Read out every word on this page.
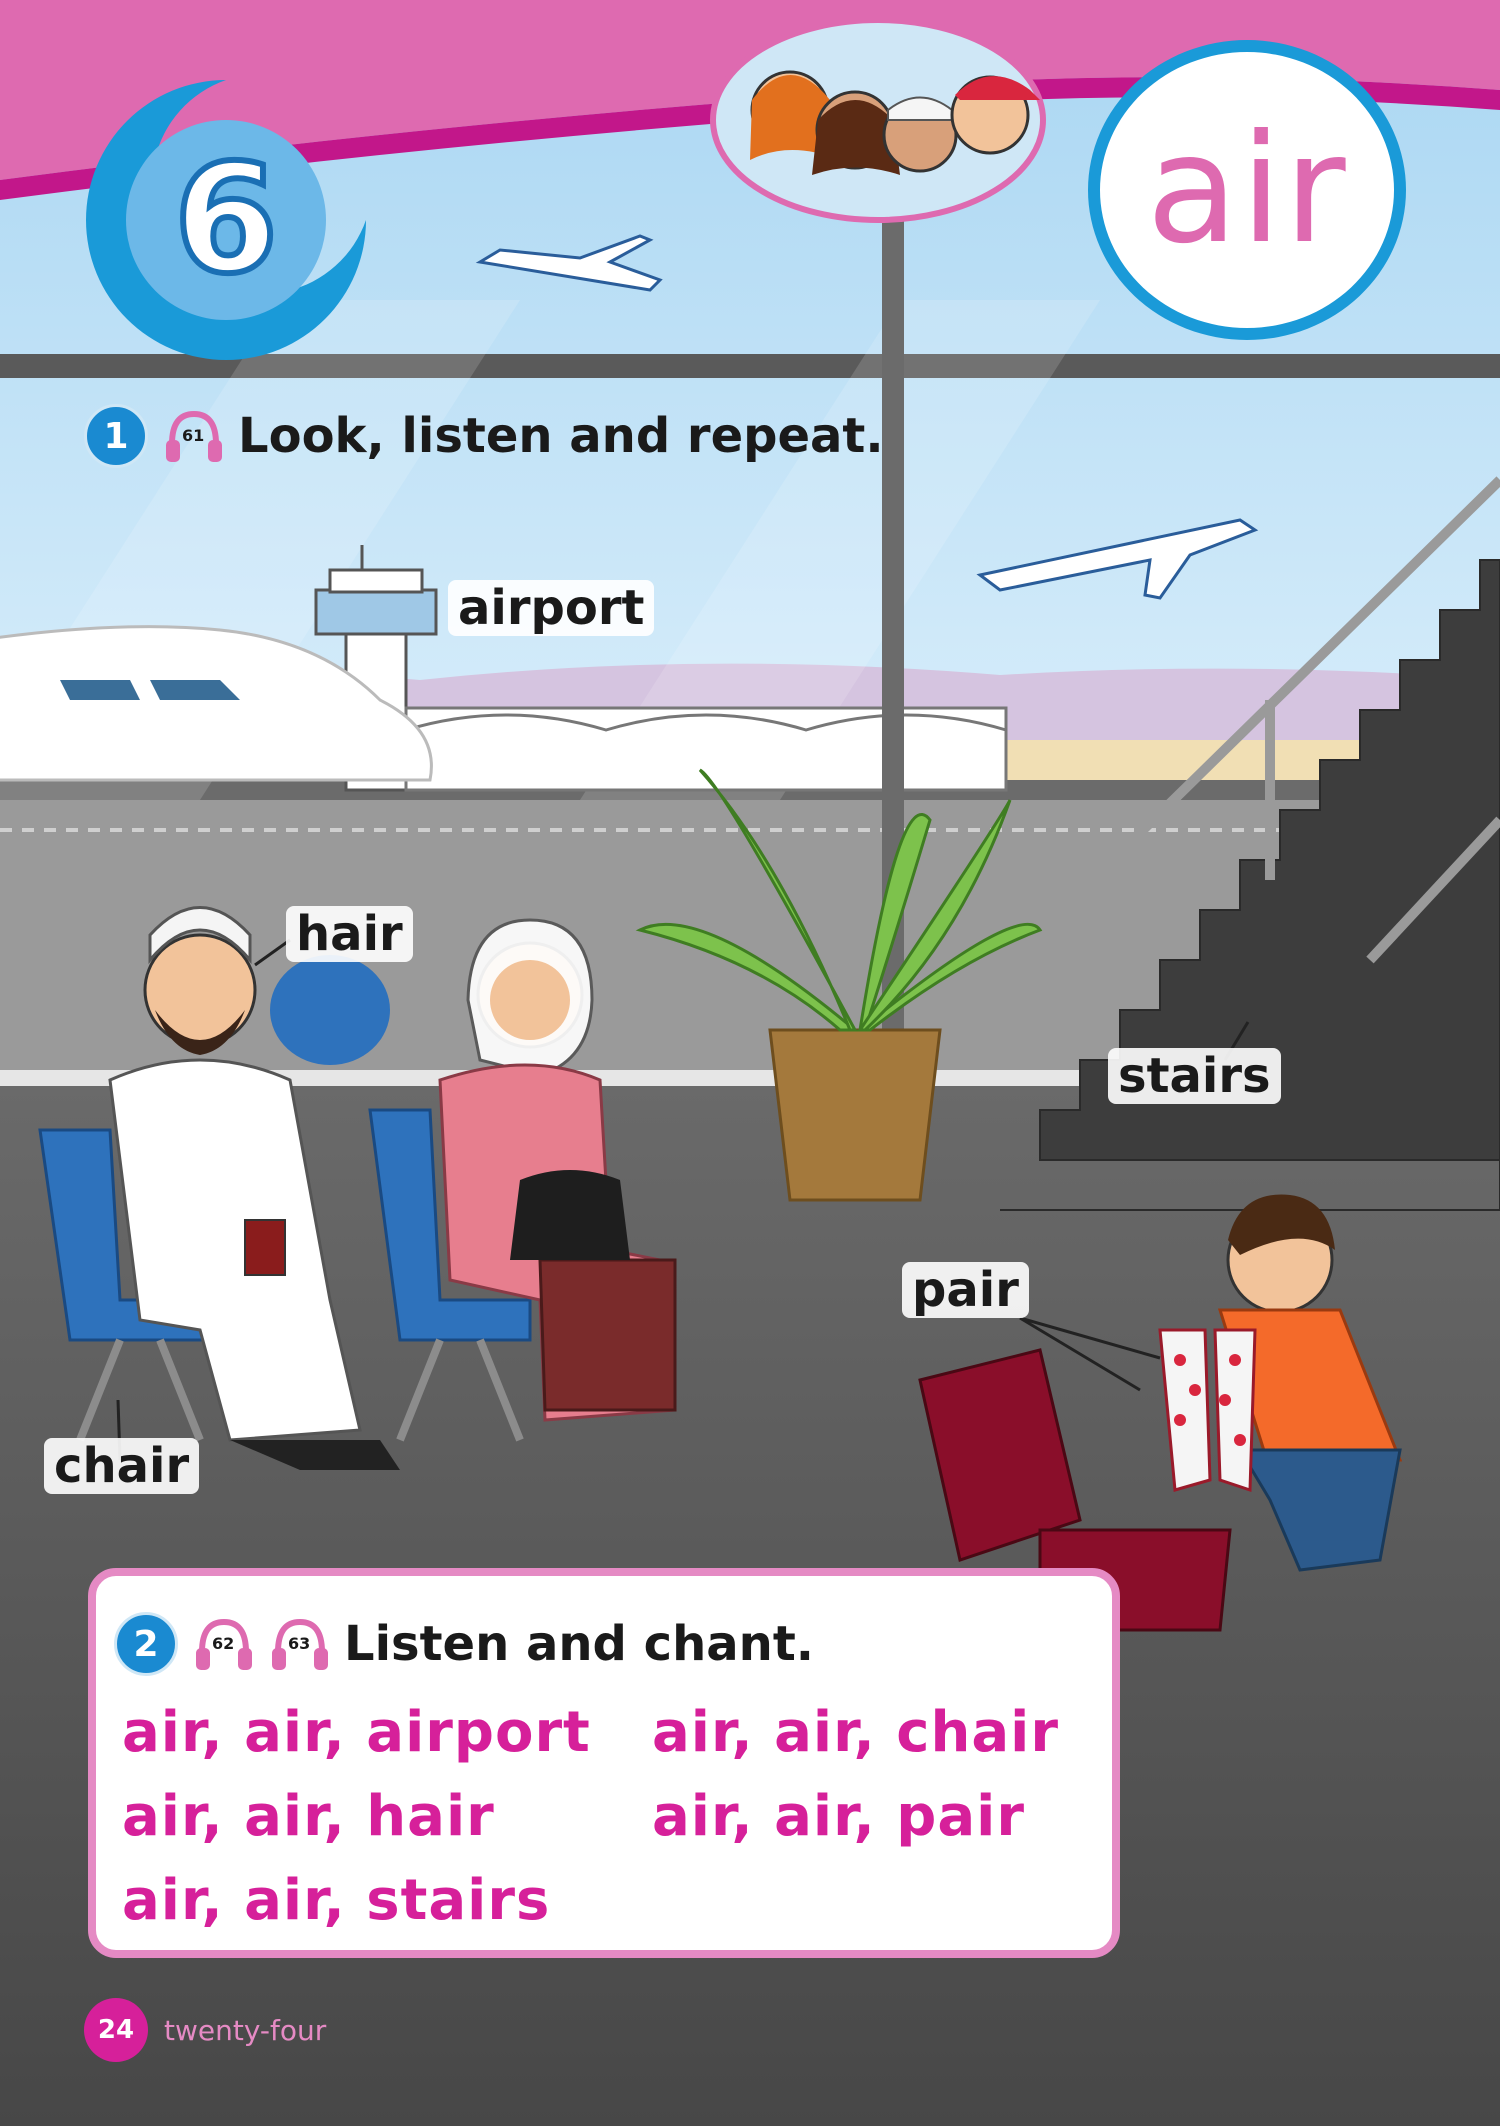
6	air
1	61 Look, listen and repeat.
airport
hair
stairs
pair
chair
2	62	63 Listen and chant.
air, air, airport
air, air, hair
air, air, stairs
air, air, chair
air, air, pair
24	twenty-four
